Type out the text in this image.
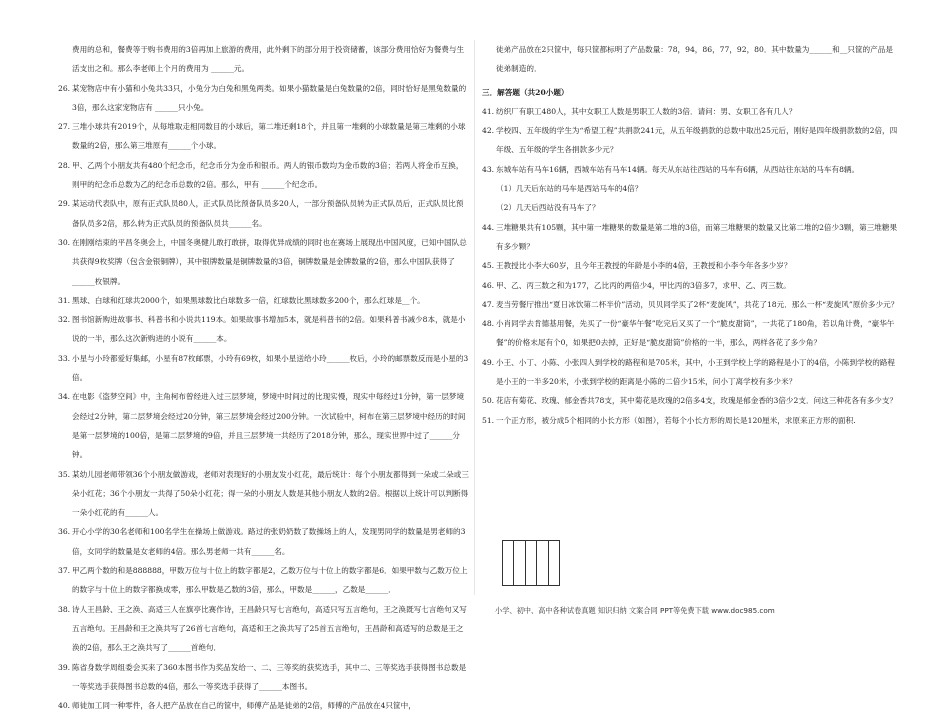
费用的总和，餐费等于购书费用的3倍再加上旅游的费用，此外剩下的部分用于投资储蓄，该部分费用恰好为餐费与生活支出之和。那么李老师上个月的费用为 ______元。
26. 某宠物店中有小猫和小兔共33只，小兔分为白兔和黑兔两类。如果小猫数量是白兔数量的2倍，同时恰好是黑兔数量的3倍，那么这家宠物店有 ______只小兔。
27. 三堆小球共有2019个，从每堆取走相同数目的小球后，第二堆还剩18个，并且第一堆剩的小球数量是第三堆剩的小球数量的2倍，那么第三堆原有______个小球。
28. 甲、乙两个小朋友共有480个纪念币，纪念币分为金币和银币。两人的银币数均为金币数的3倍；若两人将金币互换，则甲的纪念币总数为乙的纪念币总数的2倍。那么，甲有 ______个纪念币。
29. 某运动代表队中，原有正式队员80人，正式队员比预备队员多20人，一部分预备队员转为正式队员后，正式队员比预备队员多2倍，那么转为正式队员的预备队员共______名。
30. 在刚刚结束的平昌冬奥会上，中国冬奥健儿敢打敢拼，取得优异成绩的同时也在赛场上展现出中国风度，已知中国队总共获得9枚奖牌（包含金银铜牌），其中银牌数量是铜牌数量的3倍，铜牌数量是金牌数量的2倍，那么中国队获得了______枚银牌。
31. 黑球、白球和红球共2000个，如果黑球数比白球数多一倍，红球数比黑球数多200个，那么红球是__个。
32. 图书馆新购进故事书、科普书和小说共119本。如果故事书增加5本，就是科普书的2倍。如果科普书减少8本，就是小说的一半，那么这次新购进的小说有______本。
33. 小星与小玲都爱好集邮，小星有87枚邮票，小玲有69枚，如果小星送给小玲______枚后，小玲的邮票数反而是小星的3倍。
34. 在电影《盗梦空间》中，主角柯布曾经进入过三层梦境，梦境中时间过的比现实慢，现实中每经过1分钟，第一层梦境会经过2分钟，第二层梦境会经过20分钟，第三层梦境会经过200分钟。一次试验中，柯布在第三层梦境中经历的时间是第一层梦境的100倍，是第二层梦境的9倍，并且三层梦境一共经历了2018分钟，那么，现实世界中过了______分钟。
35. 某幼儿园老师带领36个小朋友做游戏，老师对表现好的小朋友发小红花，最后统计：每个小朋友都得到一朵或二朵或三朵小红花；36个小朋友一共得了50朵小红花；得一朵的小朋友人数是其他小朋友人数的2倍。根据以上统计可以判断得一朵小红花的有______人。
36. 开心小学的30名老师和100名学生在操场上做游戏。路过的张奶奶数了数操场上的人，发现男同学的数量是男老师的3倍，女同学的数量是女老师的4倍。那么男老师一共有______名。
37. 甲乙两个数的和是888888，甲数万位与十位上的数字都是2，乙数万位与十位上的数字都是6．如果甲数与乙数万位上的数字与十位上的数字都换成零，那么甲数是乙数的3倍，那么，甲数是______，乙数是______．
38. 诗人王昌龄、王之涣、高适三人在旗亭比赛作诗，王昌龄只写七言绝句，高适只写五言绝句，王之涣既写七言绝句又写五言绝句。王昌龄和王之涣共写了26首七言绝句，高适和王之涣共写了25首五言绝句，王昌龄和高适写的总数是王之涣的2倍，那么王之涣共写了______首绝句．
39. 陈省身数学周组委会买来了360本图书作为奖品发给一、二、三等奖的获奖选手，其中二、三等奖选手获得图书总数是一等奖选手获得图书总数的4倍，那么一等奖选手获得了______本图书。
40. 师徒加工同一种零件，各人把产品放在自己的筐中，师傅产品是徒弟的2倍，师傅的产品放在4只筐中，
徒弟产品放在2只筐中，每只筐都标明了产品数量：78，94，86，77，92，80．其中数量为______和__只筐的产品是徒弟制造的．
三．解答题（共20小题）
41. 纺织厂有职工480人，其中女职工人数是男职工人数的3倍．请问：男、女职工各有几人？
42. 学校四、五年级的学生为“希望工程”共捐款241元，从五年级捐款的总数中取出25元后，刚好是四年级捐款数的2倍，四年级、五年级的学生各捐款多少元？
43. 东城车站有马车16辆，西城车站有马车14辆。每天从东站往西站的马车有6辆，从西站往东站的马车有8辆。
（1）几天后东站的马车是西站马车的4倍？
（2）几天后西站没有马车了？
44. 三堆糖果共有105颗，其中第一堆糖果的数量是第二堆的3倍，而第三堆糖果的数量又比第二堆的2倍少3颗，第三堆糖果有多少颗？
45. 王教授比小李大60岁，且今年王教授的年龄是小李的4倍，王教授和小李今年各多少岁？
46. 甲、乙、丙三数之和为177，乙比丙的两倍少4，甲比丙的3倍多7，求甲、乙、丙三数。
47. 麦当劳餐厅推出“夏日冰饮第二杯半价”活动，贝贝同学买了2杯“麦旋风”，共花了18元．那么一杯“麦旋风”原价多少元？
48. 小肖同学去肯德基用餐，先买了一份“豪华午餐”吃完后又买了一个“脆皮甜筒”，一共花了180角，若以角计费，“豪华午餐”的价格末尾有个0，如果把0去掉，正好是“脆皮甜筒”价格的一半，那么，两样各花了多少角？
49. 小王、小丁、小陈、小张四人到学校的路程和是705米，其中，小王到学校上学的路程是小丁的4倍，小陈到学校的路程是小王的一半多20米，小张到学校的距离是小陈的二倍少15米，问小丁离学校有多少米？
50. 花店有菊花、玫瑰、郁金香共78支，其中菊花是玫瑰的2倍多4支，玫瑰是郁金香的3倍少2支．问这三种花各有多少支？
51. 一个正方形，被分成5个相同的小长方形（如图），若每个小长方形的周长是120厘米，求原来正方形的面积.
小学、初中、高中各种试卷真题 知识归纳 文案合同 PPT等免费下载 www.doc985.com
